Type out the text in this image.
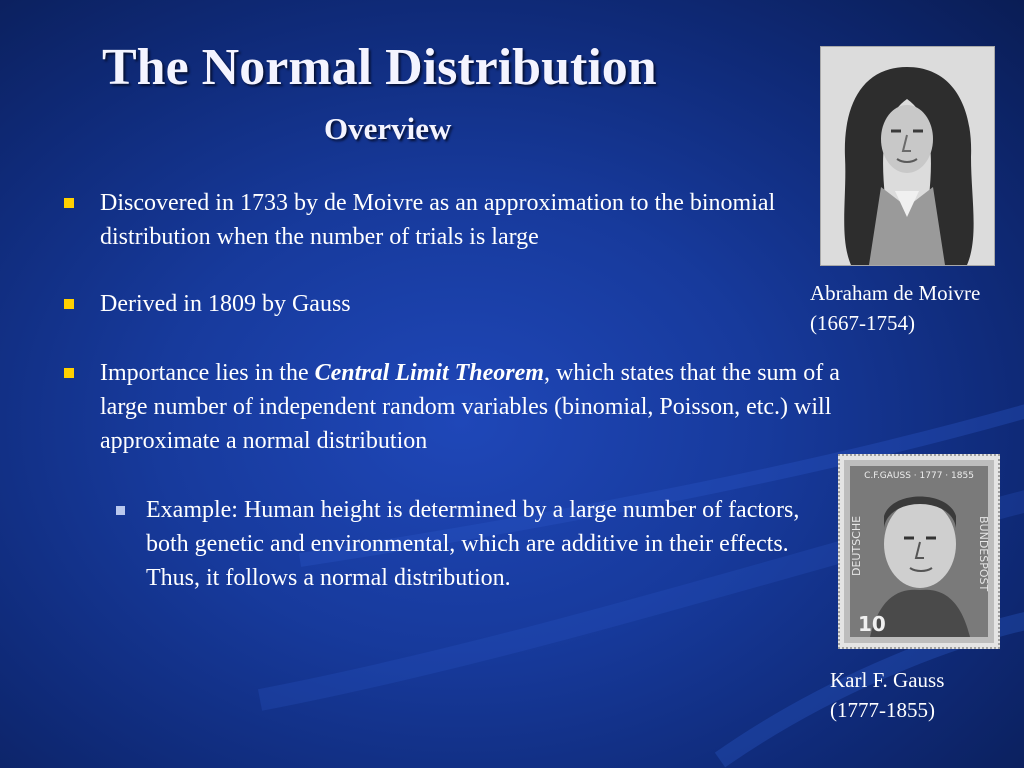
The Normal Distribution
Overview
Discovered in 1733 by de Moivre as an approximation to the binomial distribution when the number of trials is large
Derived in 1809 by Gauss
Importance lies in the Central Limit Theorem, which states that the sum of a large number of independent random variables (binomial, Poisson, etc.) will approximate a normal distribution
Example: Human height is determined by a large number of factors, both genetic and environmental, which are additive in their effects. Thus, it follows a normal distribution.
Abraham de Moivre
(1667-1754)
C.F.GAUSS · 1777 · 1855
DEUTSCHE	BUNDESPOST
10
Karl F. Gauss
(1777-1855)
